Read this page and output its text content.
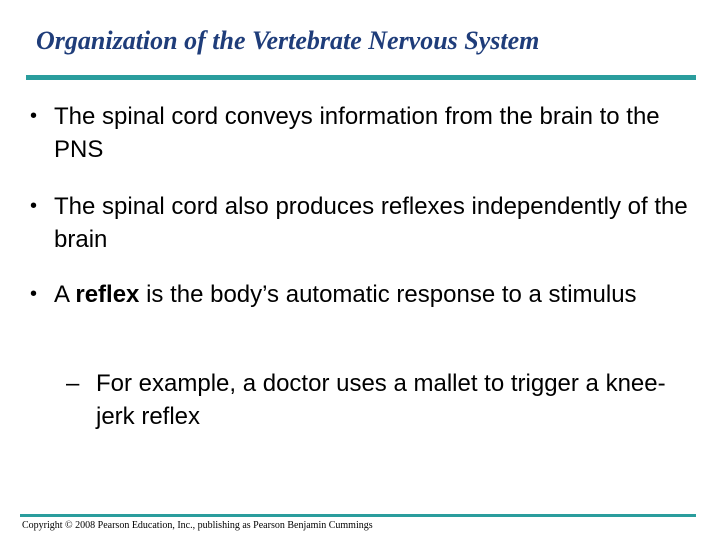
Organization of the Vertebrate Nervous System
• The spinal cord conveys information from the brain to the PNS
• The spinal cord also produces reflexes independently of the brain
• A reflex is the body’s automatic response to a stimulus
– For example, a doctor uses a mallet to trigger a knee-jerk reflex
Copyright © 2008 Pearson Education, Inc., publishing as Pearson Benjamin Cummings
